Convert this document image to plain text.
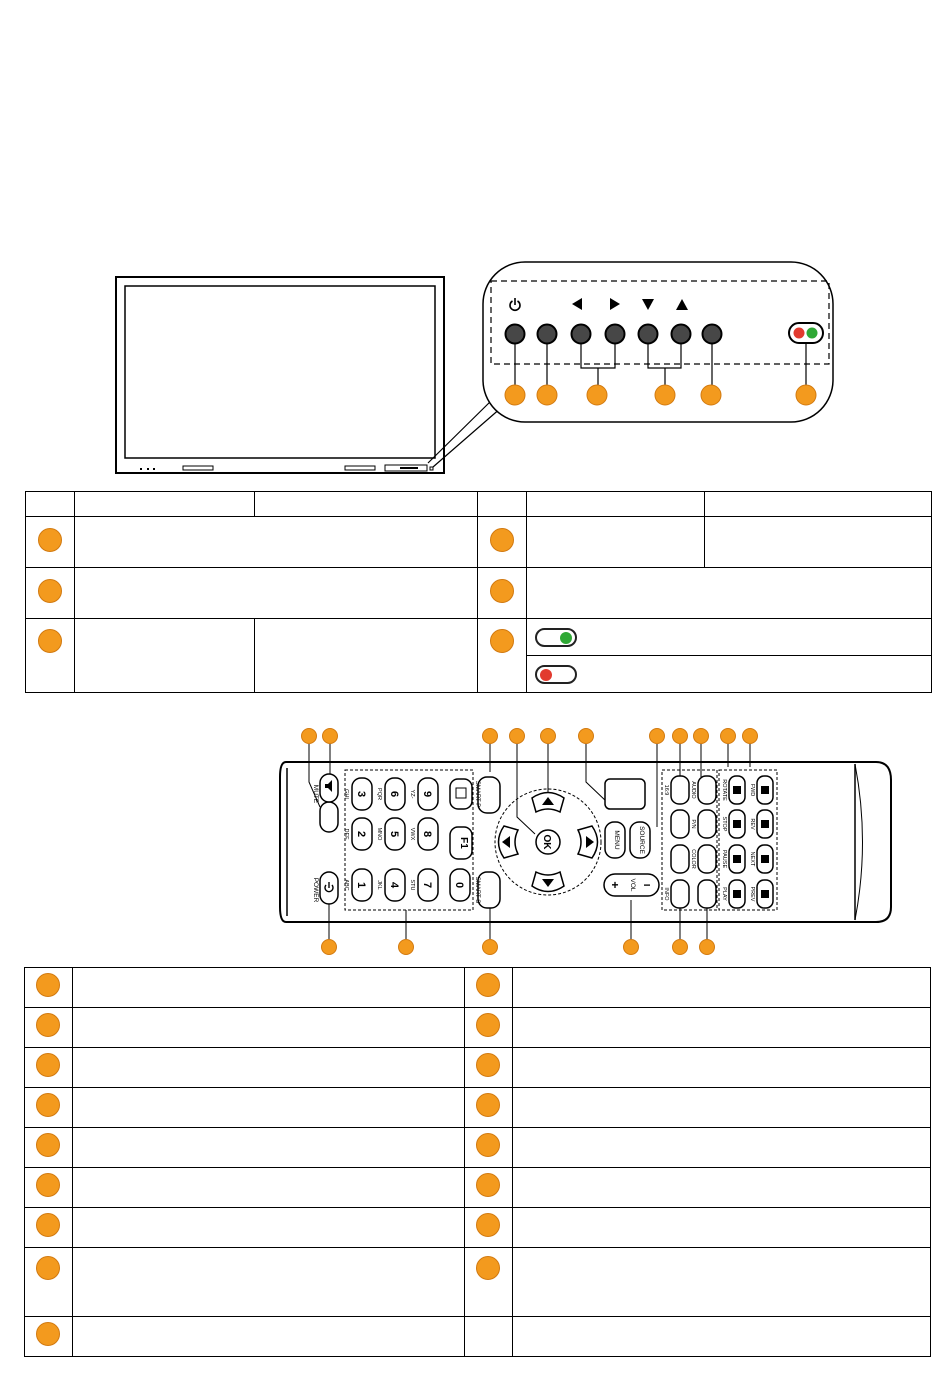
MUTE
POWER
3
GHI	6
PQR	9
YZ-
2
DEF	5
MNO	8
VWX
1
ABC	4
JKL	7
STU	0
F1
SMART P
SMART S
OK	MENU	SOURCE
+ VOL −
16:9
INFO
AUDIO
P/N
COLOR
ROTATE
STOP
PAUSE
PLAY
FWD
REV
NEXT
PREV
